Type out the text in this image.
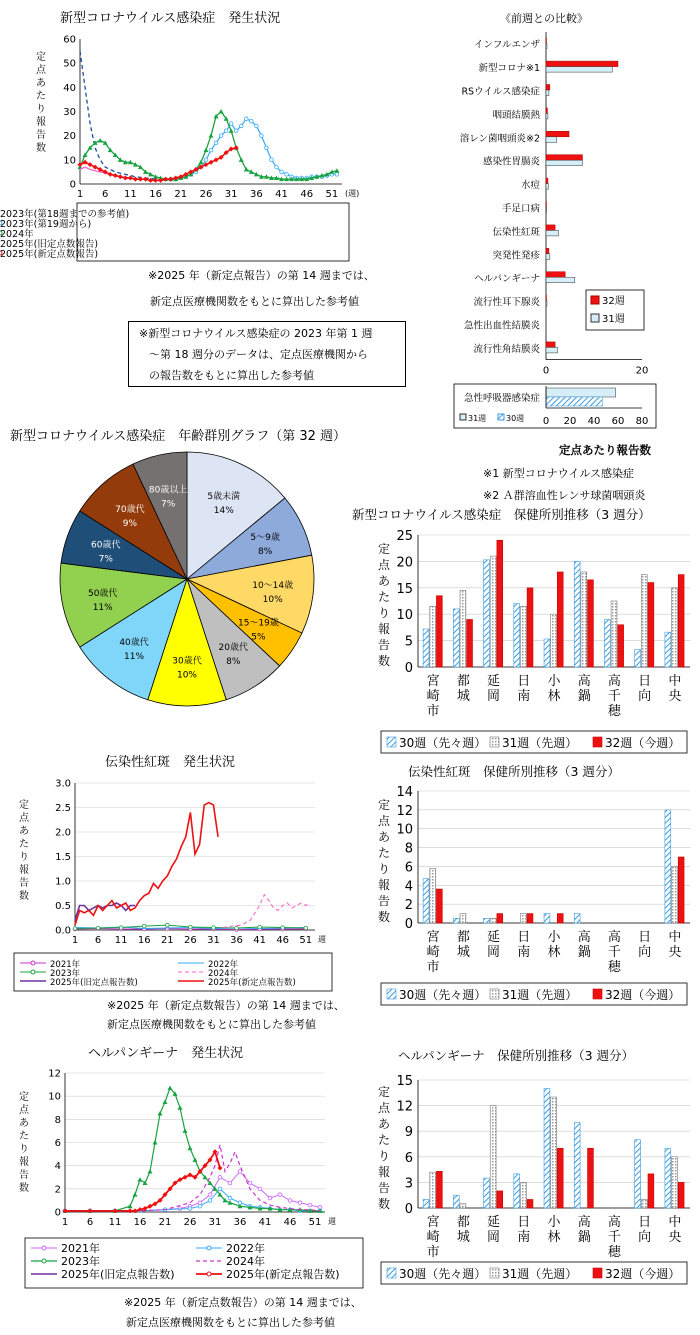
新型コロナウイルス感染症　発生状況
定
点
あ
た
り
報
告
数
0
10
20
30
40
50
60
1 6 11 16 21 26 31 36 41 46 51 (週)
2023年(第18週までの参考値)
2023年(第19週から)
2024年
2025年(旧定点数報告)
2025年(新定点数報告)
《前週との比較》
インフルエンザ
新型コロナ※1
RSウイルス感染症
咽頭結膜熱
溶レン菌咽頭炎※2
感染性胃腸炎
水痘
手足口病
伝染性紅斑
突発性発疹
ヘルパンギーナ
流行性耳下腺炎
急性出血性結膜炎
流行性角結膜炎
0	20
32週
31週
急性呼吸器感染症
0 20 40 60 80
31週 30週
定点あたり報告数
新型コロナウイルス感染症　年齢群別グラフ（第 32 週）
5歳未満
14%
5～9歳
8%
10～14歳
10%
15～19歳
5%
20歳代
8%
30歳代
10%
40歳代
11%
50歳代
11%
60歳代
7%
70歳代
9%
80歳以上
7%
新型コロナウイルス感染症　保健所別推移（3 週分）
定
点
あ
た
り
報
告
数 0
5
10
15
20
25
宮
崎
市
都
城
延
岡
日
南
小
林
高
鍋
高
千
穂
日
向
中
央
30週（先々週） 31週（先週） 32週（今週）
伝染性紅斑　発生状況
定
点
あ
た
り
報
告
数
0.0
0.5
1.0
1.5
2.0
2.5
3.0
1 6 11 16 21 26 31 36 41 46 51 週
2021年	2022年
2023年	2024年
2025年(旧定点報告数)	2025年(新定点報告数)
伝染性紅斑　保健所別推移（3 週分）
定
点
あ
た
り
報
告
数 0
2
4
6
8
10
12
14
宮
崎
市
都
城
延
岡
日
南
小
林
高
鍋
高
千
穂
日
向
中
央
30週（先々週） 31週（先週） 32週（今週）
ヘルパンギーナ　発生状況
定
点
あ
た
り
報
告
数
0
2
4
6
8
10
12
1 6 11 16 21 26 31 36 41 46 51 週
2021年	2022年
2023年	2024年
2025年(旧定点報告数)	2025年(新定点報告数)
ヘルパンギーナ　保健所別推移（3 週分）
定
点
あ
た
り
報
告
数 0
3
6
9
12
15
宮
崎
市
都
城
延
岡
日
南
小
林
高
鍋
高
千
穂
日
向
中
央
30週（先々週） 31週（先週） 32週（今週）
※2025 年（新定点報告）の第 14 週までは、
新定点医療機関数をもとに算出した参考値
※新型コロナウイルス感染症の 2023 年第 1 週
～第 18 週分のデータは、定点医療機関から
の報告数をもとに算出した参考値
※1 新型コロナウイルス感染症
※2 Ａ群溶血性レンサ球菌咽頭炎
※2025 年（新定点数報告）の第 14 週までは、
新定点医療機関数をもとに算出した参考値
※2025 年（新定点数報告）の第 14 週までは、
新定点医療機関数をもとに算出した参考値
